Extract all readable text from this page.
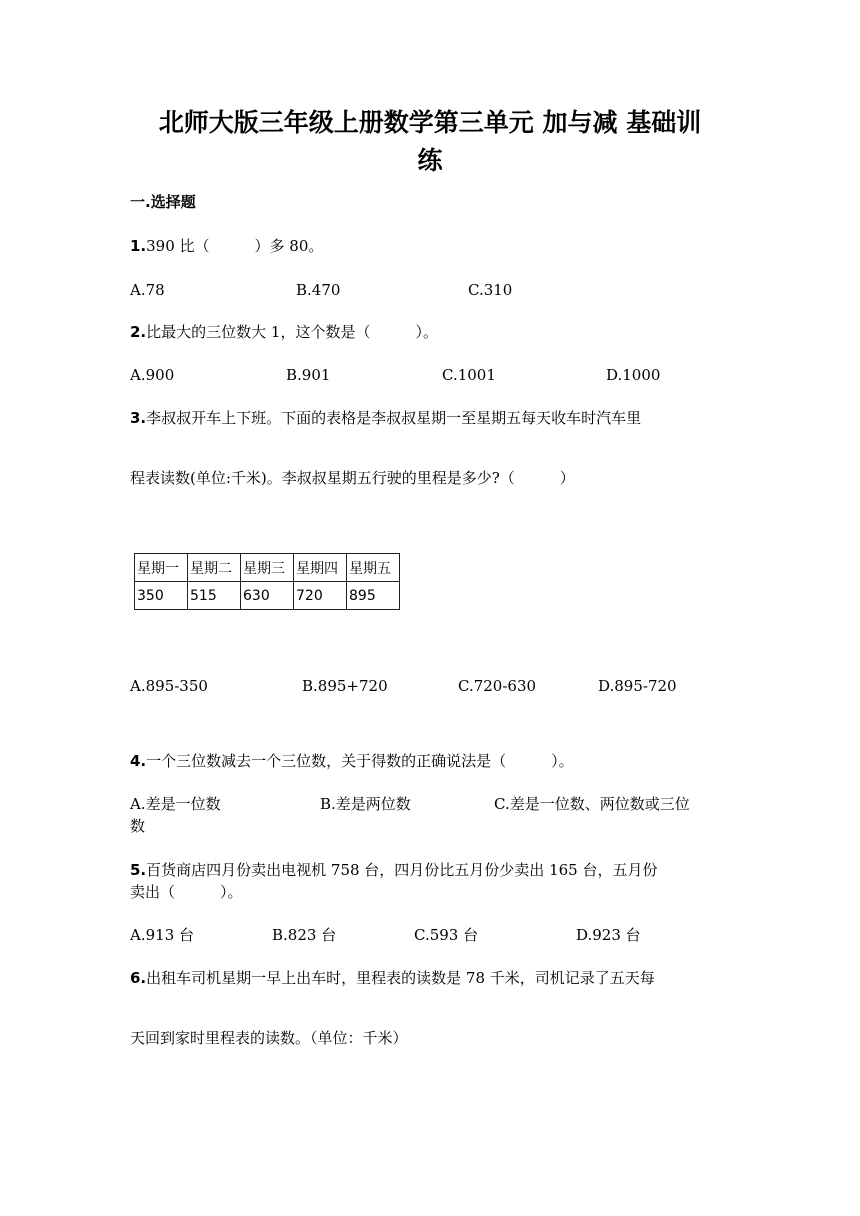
北师大版三年级上册数学第三单元 加与减 基础训
练
一.选择题
1.390 比（　　　）多 80。
A.78	B.470	C.310
2.比最大的三位数大 1，这个数是（　　　）。
A.900	B.901	C.1001	D.1000
3.李叔叔开车上下班。下面的表格是李叔叔星期一至星期五每天收车时汽车里
程表读数(单位:千米)。李叔叔星期五行驶的里程是多少?（　　　）
星期一	星期二	星期三	星期四	星期五
350	515	630	720	895
A.895-350	B.895+720	C.720-630	D.895-720
4.一个三位数减去一个三位数，关于得数的正确说法是（　　　）。
A.差是一位数	B.差是两位数	C.差是一位数、两位数或三位
数
5.百货商店四月份卖出电视机 758 台，四月份比五月份少卖出 165 台，五月份
卖出（　　　）。
A.913 台	B.823 台	C.593 台	D.923 台
6.出租车司机星期一早上出车时，里程表的读数是 78 千米，司机记录了五天每
天回到家时里程表的读数。（单位：千米）
